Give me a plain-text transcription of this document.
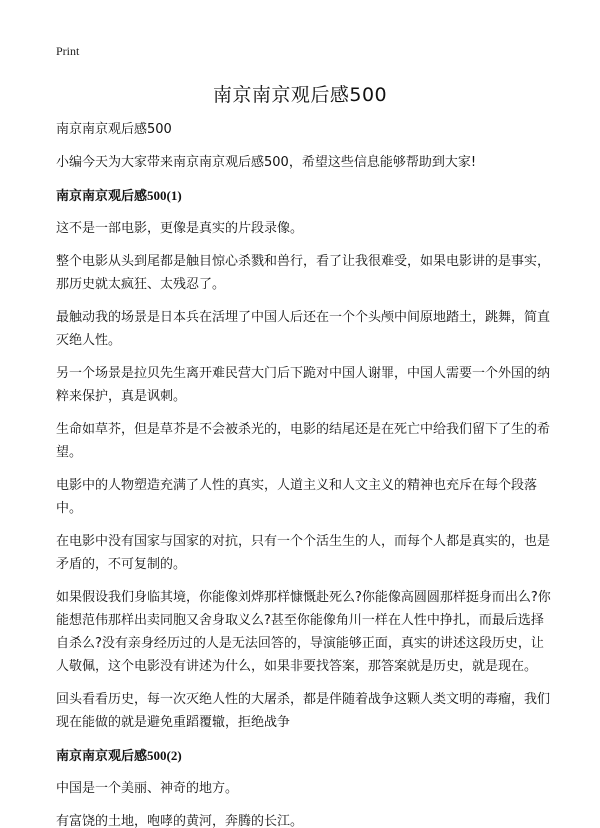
Print
南京南京观后感500

南京南京观后感500

小编今天为大家带来南京南京观后感500，希望这些信息能够帮助到大家!

南京南京观后感500(1)

这不是一部电影，更像是真实的片段录像。

整个电影从头到尾都是触目惊心杀戮和兽行，看了让我很难受，如果电影讲的是事实，那历史就太疯狂、太残忍了。

最触动我的场景是日本兵在活埋了中国人后还在一个个头颅中间原地踏土，跳舞，简直灭绝人性。

另一个场景是拉贝先生离开难民营大门后下跪对中国人谢罪，中国人需要一个外国的纳粹来保护，真是讽刺。

生命如草芥，但是草芥是不会被杀光的，电影的结尾还是在死亡中给我们留下了生的希望。

电影中的人物塑造充满了人性的真实，人道主义和人文主义的精神也充斥在每个段落中。

在电影中没有国家与国家的对抗，只有一个个活生生的人，而每个人都是真实的，也是矛盾的，不可复制的。

如果假设我们身临其境，你能像刘烨那样慷慨赴死么?你能像高圆圆那样挺身而出么?你能想范伟那样出卖同胞又舍身取义么?甚至你能像角川一样在人性中挣扎，而最后选择自杀么?没有亲身经历过的人是无法回答的，导演能够正面，真实的讲述这段历史，让人敬佩，这个电影没有讲述为什么，如果非要找答案，那答案就是历史，就是现在。

回头看看历史，每一次灭绝人性的大屠杀，都是伴随着战争这颗人类文明的毒瘤，我们现在能做的就是避免重蹈覆辙，拒绝战争

南京南京观后感500(2)

中国是一个美丽、神奇的地方。

有富饶的土地，咆哮的黄河，奔腾的长江。
